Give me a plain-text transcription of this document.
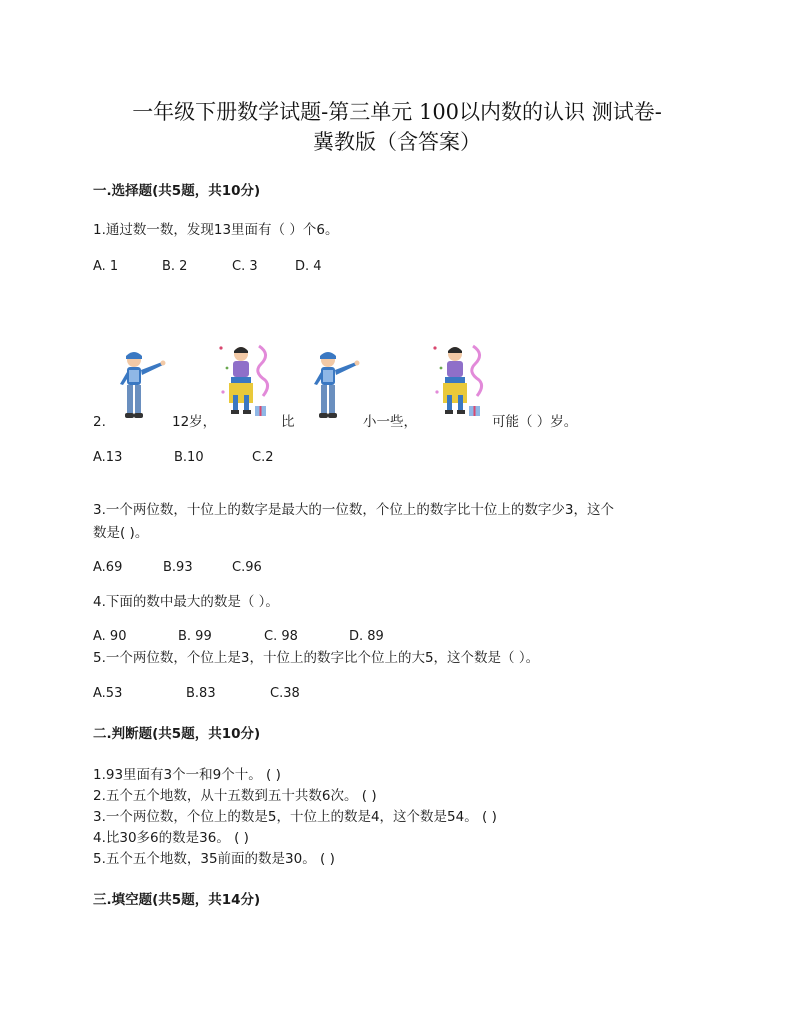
一年级下册数学试题-第三单元 100以内数的认识 测试卷-
冀教版（含答案）
一.选择题(共5题，共10分)
1.通过数一数，发现13里面有（ ）个6。
A. 1	B. 2	C. 3	D. 4
2.	12岁，	比	小一些，	可能（ ）岁。
A.13	B.10	C.2
3.一个两位数，十位上的数字是最大的一位数，个位上的数字比十位上的数字少3，这个
数是( )。
A.69	B.93	C.96
4.下面的数中最大的数是（ ）。
A. 90	B. 99	C. 98	D. 89
5.一个两位数，个位上是3，十位上的数字比个位上的大5，这个数是（ ）。
A.53	B.83	C.38
二.判断题(共5题，共10分)
1.93里面有3个一和9个十。 ( )
2.五个五个地数，从十五数到五十共数6次。 ( )
3.一个两位数，个位上的数是5，十位上的数是4，这个数是54。 ( )
4.比30多6的数是36。 ( )
5.五个五个地数，35前面的数是30。 ( )
三.填空题(共5题，共14分)
